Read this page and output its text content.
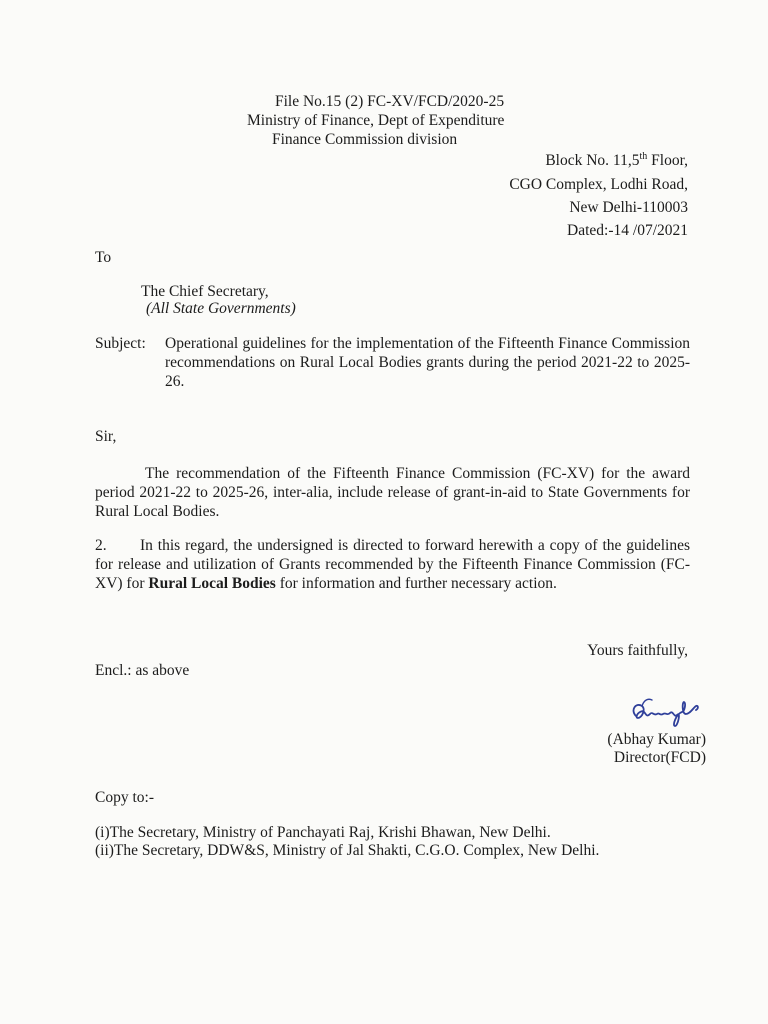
File No.15 (2) FC-XV/FCD/2020-25
Ministry of Finance, Dept of Expenditure
Finance Commission division
Block No. 11,5th Floor,
CGO Complex, Lodhi Road,
New Delhi-110003
Dated:-14 /07/2021
To
The Chief Secretary,
(All State Governments)
Subject: Operational guidelines for the implementation of the Fifteenth Finance Commission recommendations on Rural Local Bodies grants during the period 2021-22 to 2025-26.
Sir,
The recommendation of the Fifteenth Finance Commission (FC-XV) for the award period 2021-22 to 2025-26, inter-alia, include release of grant-in-aid to State Governments for Rural Local Bodies.
2. In this regard, the undersigned is directed to forward herewith a copy of the guidelines for release and utilization of Grants recommended by the Fifteenth Finance Commission (FC-XV) for Rural Local Bodies for information and further necessary action.
Yours faithfully,
Encl.: as above
(Abhay Kumar)
Director(FCD)
Copy to:-
(i)The Secretary, Ministry of Panchayati Raj, Krishi Bhawan, New Delhi.
(ii)The Secretary, DDW&S, Ministry of Jal Shakti, C.G.O. Complex, New Delhi.
